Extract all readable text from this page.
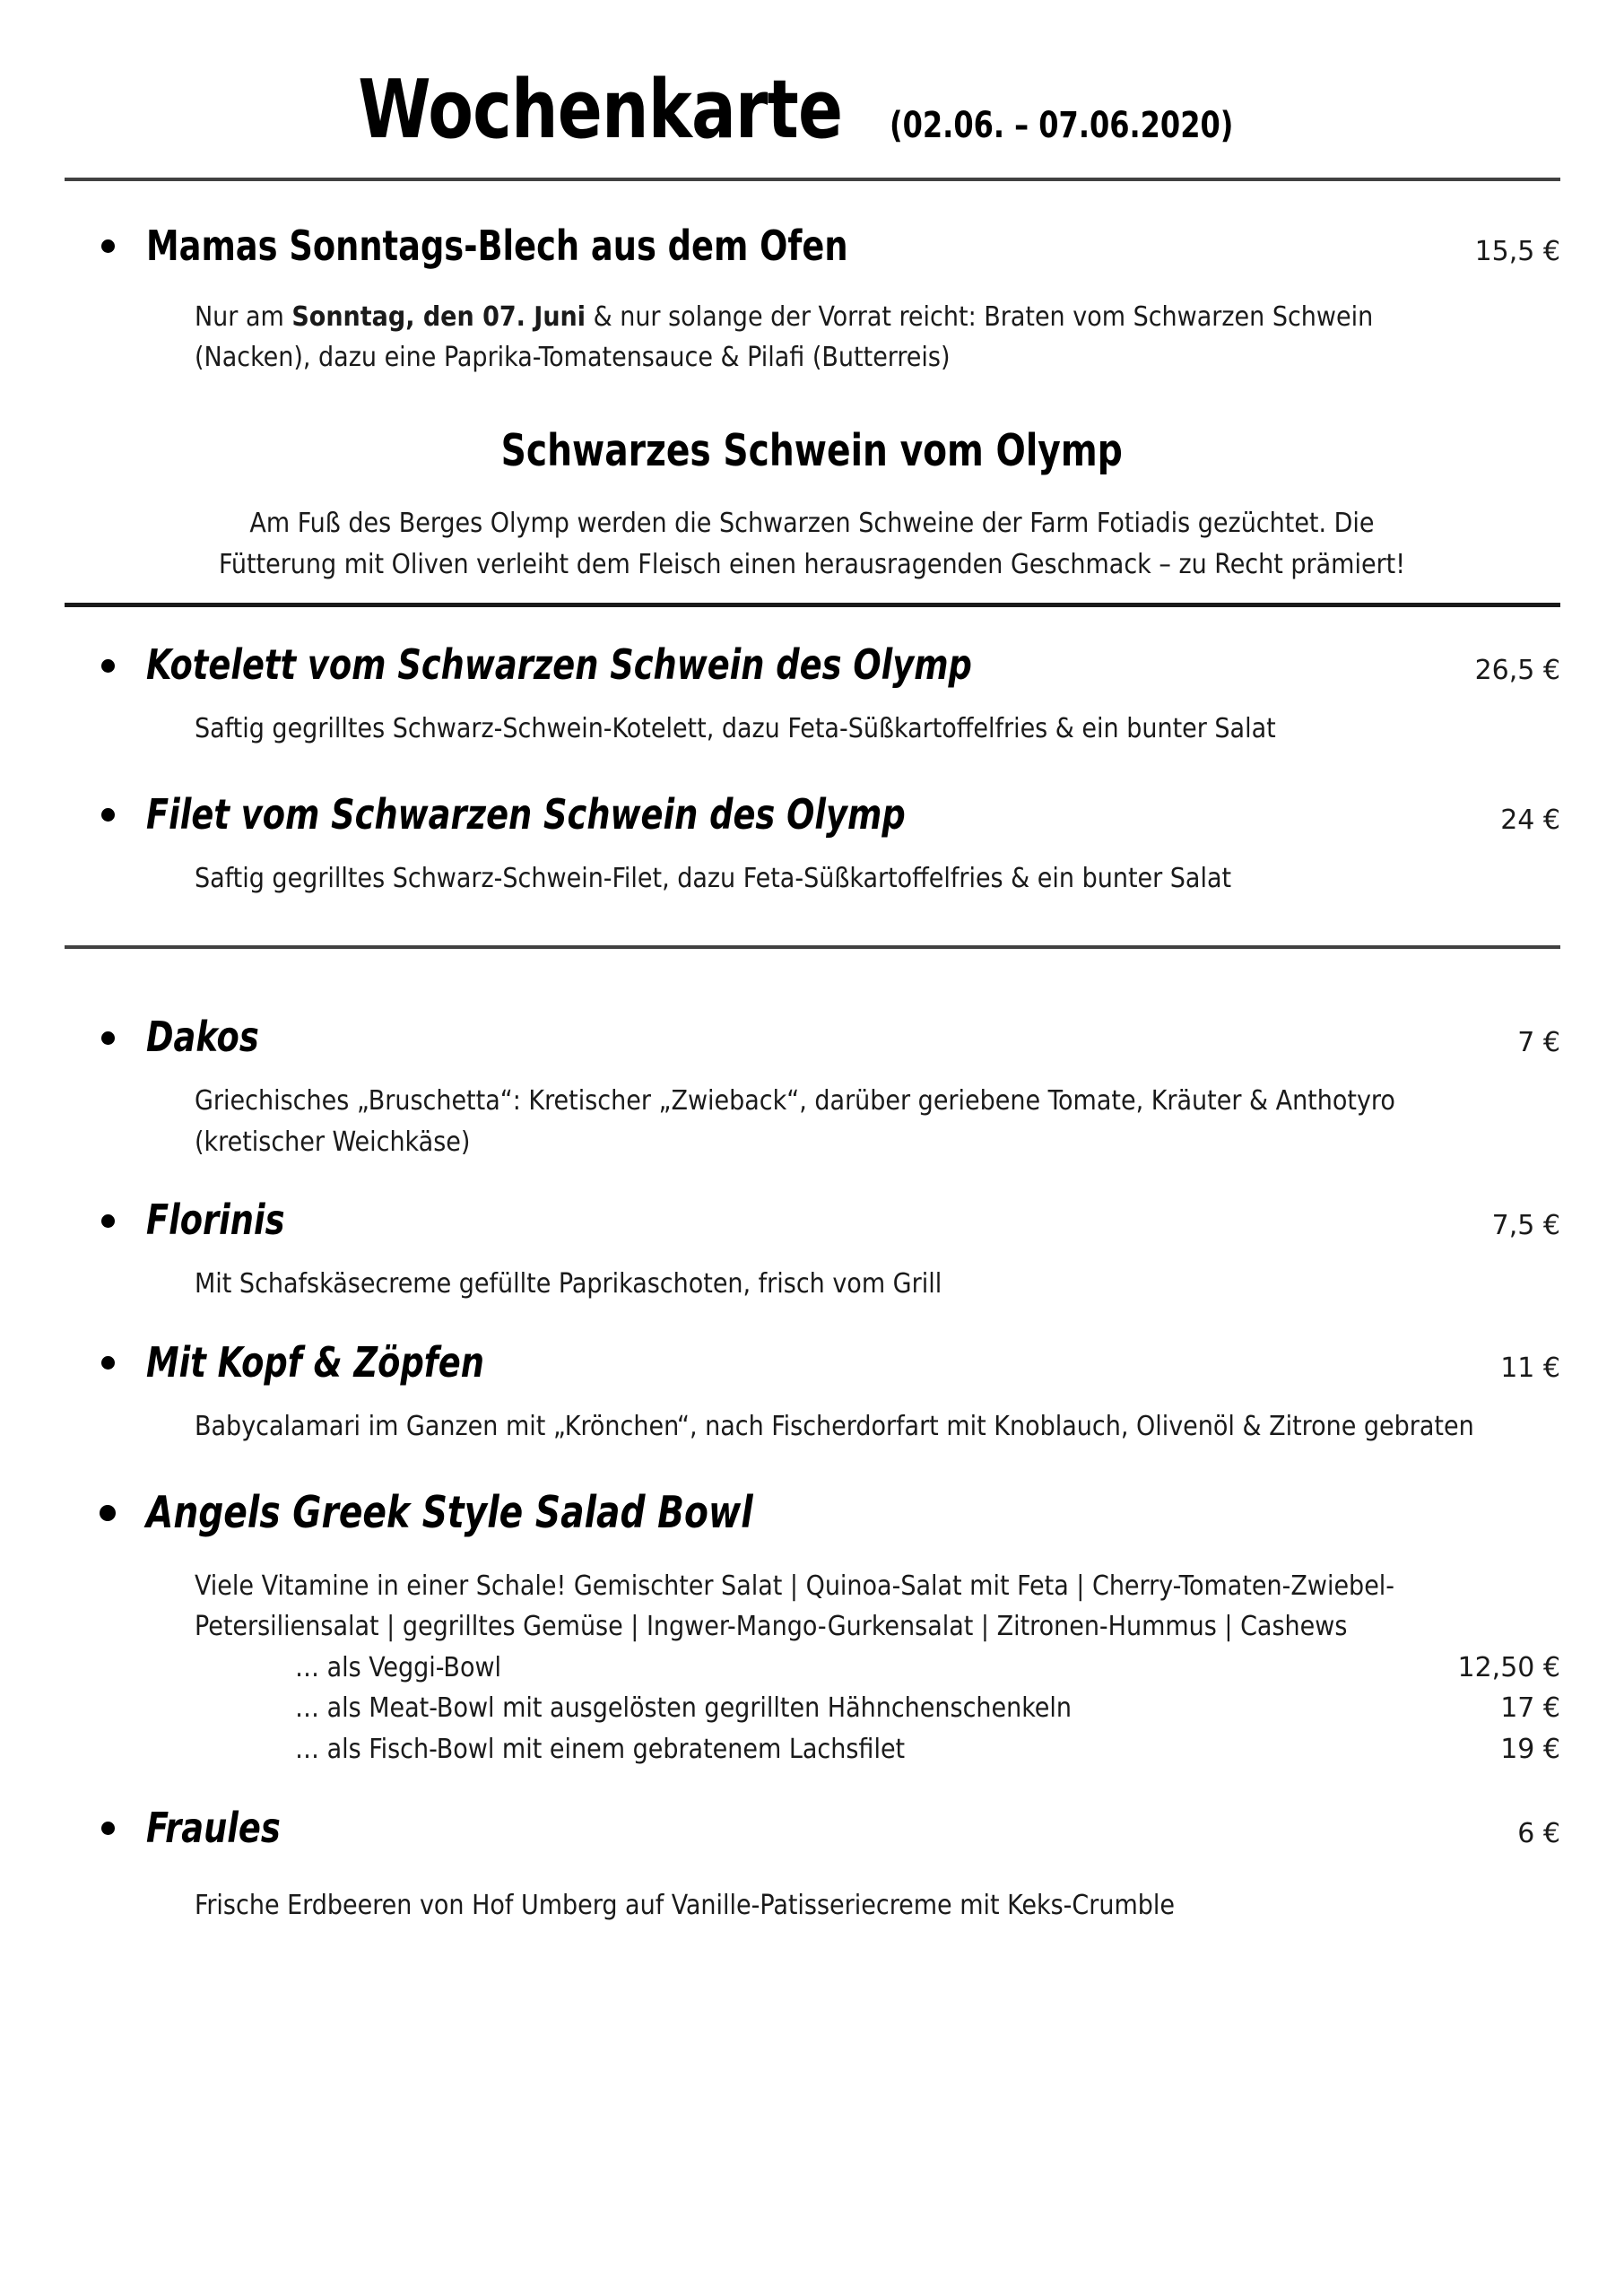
Wochenkarte (02.06. – 07.06.2020)
Mamas Sonntags-Blech aus dem Ofen	15,5 €
Nur am Sonntag, den 07. Juni & nur solange der Vorrat reicht: Braten vom Schwarzen Schwein (Nacken), dazu eine Paprika-Tomatensauce & Pilafi (Butterreis)
Schwarzes Schwein vom Olymp
Am Fuß des Berges Olymp werden die Schwarzen Schweine der Farm Fotiadis gezüchtet. Die Fütterung mit Oliven verleiht dem Fleisch einen herausragenden Geschmack – zu Recht prämiert!
Kotelett vom Schwarzen Schwein des Olymp	26,5 €
Saftig gegrilltes Schwarz-Schwein-Kotelett, dazu Feta-Süßkartoffelfries & ein bunter Salat
Filet vom Schwarzen Schwein des Olymp	24 €
Saftig gegrilltes Schwarz-Schwein-Filet, dazu Feta-Süßkartoffelfries & ein bunter Salat
Dakos	7 €
Griechisches „Bruschetta“: Kretischer „Zwieback“, darüber geriebene Tomate, Kräuter & Anthotyro (kretischer Weichkäse)
Florinis	7,5 €
Mit Schafskäsecreme gefüllte Paprikaschoten, frisch vom Grill
Mit Kopf & Zöpfen	11 €
Babycalamari im Ganzen mit „Krönchen“, nach Fischerdorfart mit Knoblauch, Olivenöl & Zitrone gebraten
Angels Greek Style Salad Bowl
Viele Vitamine in einer Schale! Gemischter Salat | Quinoa-Salat mit Feta | Cherry-Tomaten-Zwiebel-Petersiliensalat | gegrilltes Gemüse | Ingwer-Mango-Gurkensalat | Zitronen-Hummus | Cashews
… als Veggi-Bowl	12,50 €
… als Meat-Bowl mit ausgelösten gegrillten Hähnchenschenkeln	17 €
… als Fisch-Bowl mit einem gebratenem Lachsfilet	19 €
Fraules	6 €
Frische Erdbeeren von Hof Umberg auf Vanille-Patisseriecreme mit Keks-Crumble
